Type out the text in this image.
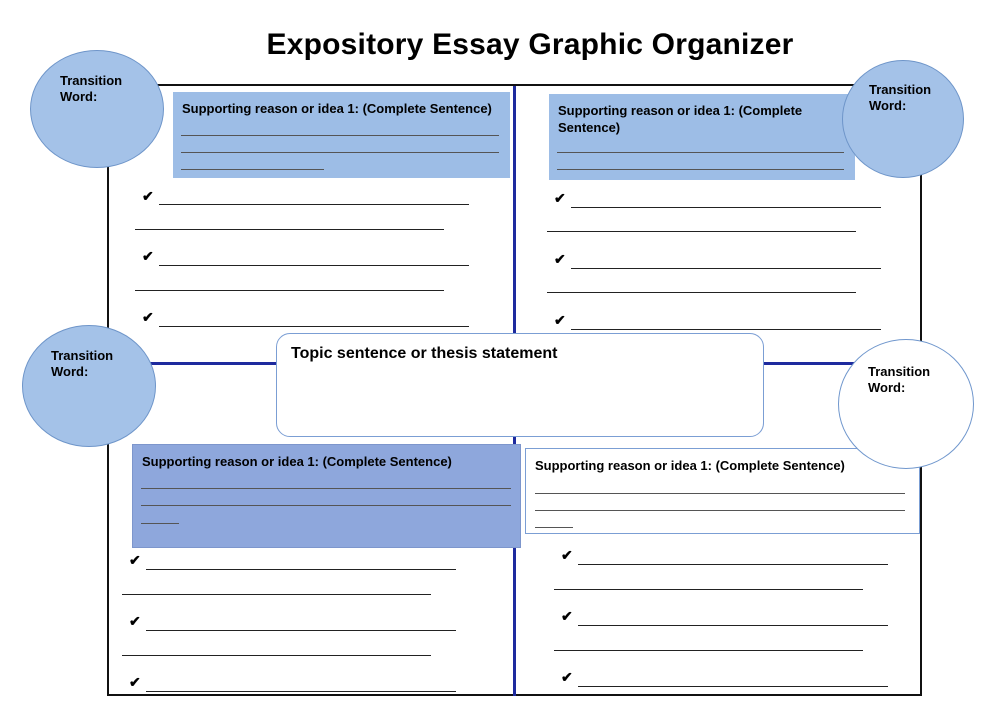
Expository Essay Graphic Organizer
Supporting reason or idea 1: (Complete Sentence)	Supporting reason or idea 1: (Complete Sentence)
Supporting reason or idea 1: (Complete Sentence)	Supporting reason or idea 1: (Complete Sentence)
Topic sentence or thesis statement
Transition Word:	Transition Word:
Transition Word:	Transition Word:
✔
✔
✔
✔
✔
✔
✔
✔
✔
✔
✔
✔
